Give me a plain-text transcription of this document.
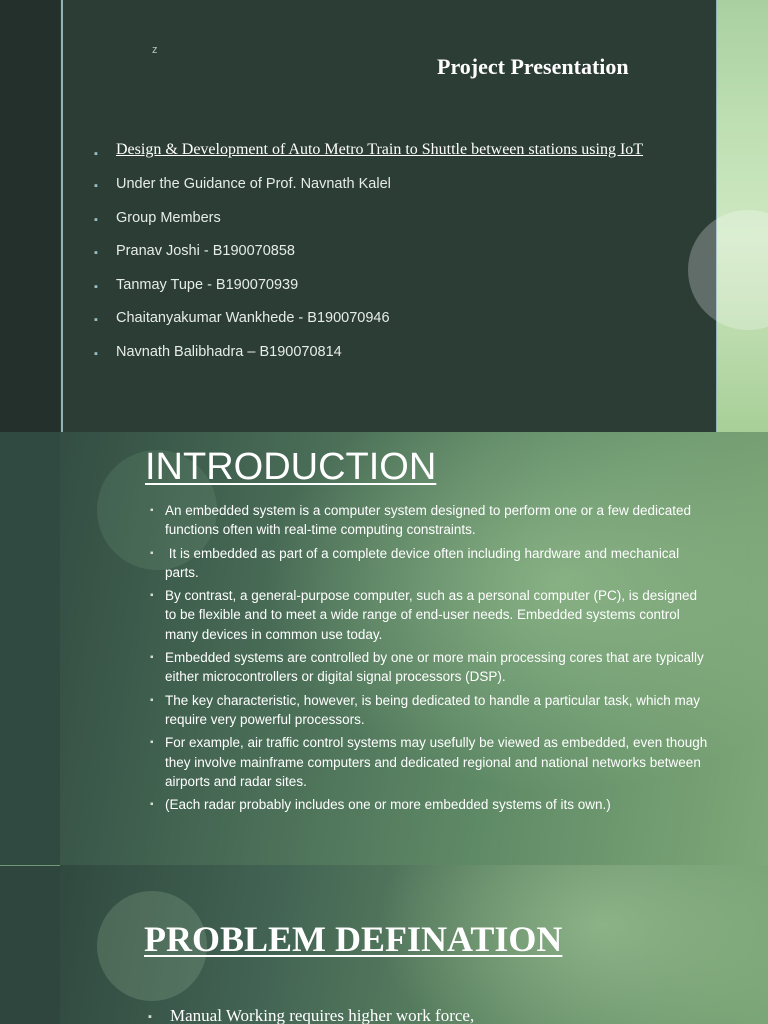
z
Project Presentation
▪ Design & Development of Auto Metro Train to Shuttle between stations using IoT
▪ Under the Guidance of Prof. Navnath Kalel
▪ Group Members
▪ Pranav Joshi - B190070858
▪ Tanmay Tupe - B190070939
▪ Chaitanyakumar Wankhede - B190070946
▪ Navnath Balibhadra – B190070814
INTRODUCTION
▪ An embedded system is a computer system designed to perform one or a few dedicated functions often with real-time computing constraints.
▪ It is embedded as part of a complete device often including hardware and mechanical parts.
▪ By contrast, a general-purpose computer, such as a personal computer (PC), is designed to be flexible and to meet a wide range of end-user needs. Embedded systems control many devices in common use today.
▪ Embedded systems are controlled by one or more main processing cores that are typically either microcontrollers or digital signal processors (DSP).
▪ The key characteristic, however, is being dedicated to handle a particular task, which may require very powerful processors.
▪ For example, air traffic control systems may usefully be viewed as embedded, even though they involve mainframe computers and dedicated regional and national networks between airports and radar sites.
▪ (Each radar probably includes one or more embedded systems of its own.)
PROBLEM DEFINATION
▪ Manual Working requires higher work force,
